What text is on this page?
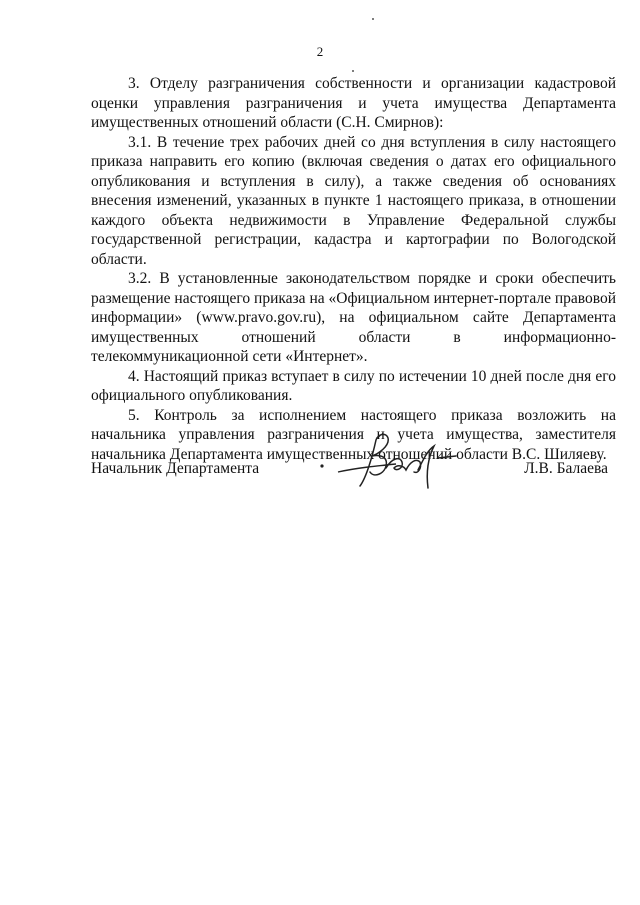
2

3. Отделу разграничения собственности и организации кадастровой оценки управления разграничения и учета имущества Департамента имущественных отношений области (С.Н. Смирнов):

3.1. В течение трех рабочих дней со дня вступления в силу настоящего приказа направить его копию (включая сведения о датах его официального опубликования и вступления в силу), а также сведения об основаниях внесения изменений, указанных в пункте 1 настоящего приказа, в отношении каждого объекта недвижимости в Управление Федеральной службы государственной регистрации, кадастра и картографии по Вологодской области.

3.2. В установленные законодательством порядке и сроки обеспечить размещение настоящего приказа на «Официальном интернет-портале правовой информации» (www.pravo.gov.ru), на официальном сайте Департамента имущественных отношений области в информационно-телекоммуникационной сети «Интернет».

4. Настоящий приказ вступает в силу по истечении 10 дней после дня его официального опубликования.

5. Контроль за исполнением настоящего приказа возложить на начальника управления разграничения и учета имущества, заместителя начальника Департамента имущественных отношений области В.С. Шиляеву.

Начальник Департамента	Л.В. Балаева
